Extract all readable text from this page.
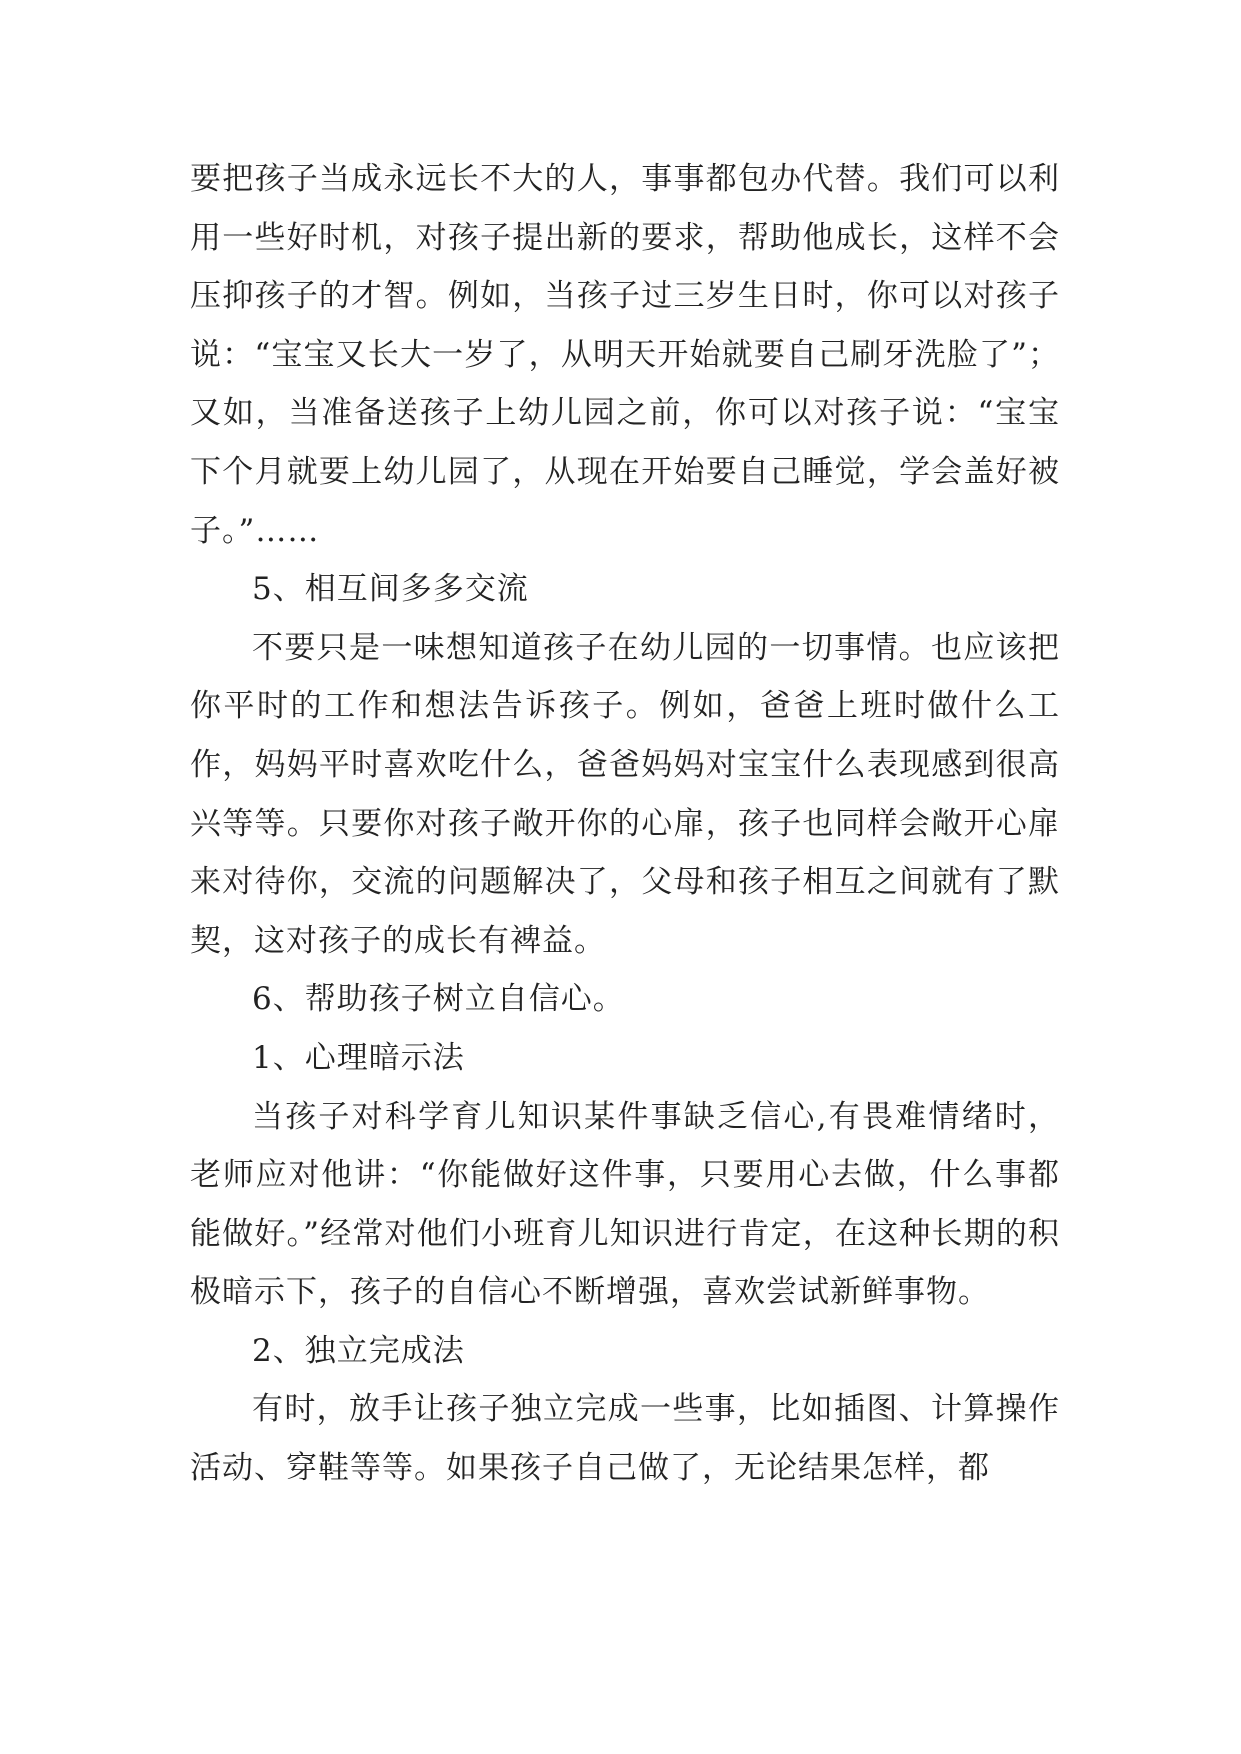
要把孩子当成永远长不大的人，事事都包办代替。我们可以利用一些好时机，对孩子提出新的要求，帮助他成长，这样不会压抑孩子的才智。例如，当孩子过三岁生日时，你可以对孩子说：“宝宝又长大一岁了，从明天开始就要自己刷牙洗脸了”；又如，当准备送孩子上幼儿园之前，你可以对孩子说：“宝宝下个月就要上幼儿园了，从现在开始要自己睡觉，学会盖好被子。”……

5、相互间多多交流

不要只是一味想知道孩子在幼儿园的一切事情。也应该把你平时的工作和想法告诉孩子。例如，爸爸上班时做什么工作，妈妈平时喜欢吃什么，爸爸妈妈对宝宝什么表现感到很高兴等等。只要你对孩子敞开你的心扉，孩子也同样会敞开心扉来对待你，交流的问题解决了，父母和孩子相互之间就有了默契，这对孩子的成长有裨益。

6、帮助孩子树立自信心。

1、心理暗示法

当孩子对科学育儿知识某件事缺乏信心,有畏难情绪时，老师应对他讲：“你能做好这件事，只要用心去做，什么事都能做好。”经常对他们小班育儿知识进行肯定，在这种长期的积极暗示下，孩子的自信心不断增强，喜欢尝试新鲜事物。

2、独立完成法

有时，放手让孩子独立完成一些事，比如插图、计算操作活动、穿鞋等等。如果孩子自己做了，无论结果怎样，都
